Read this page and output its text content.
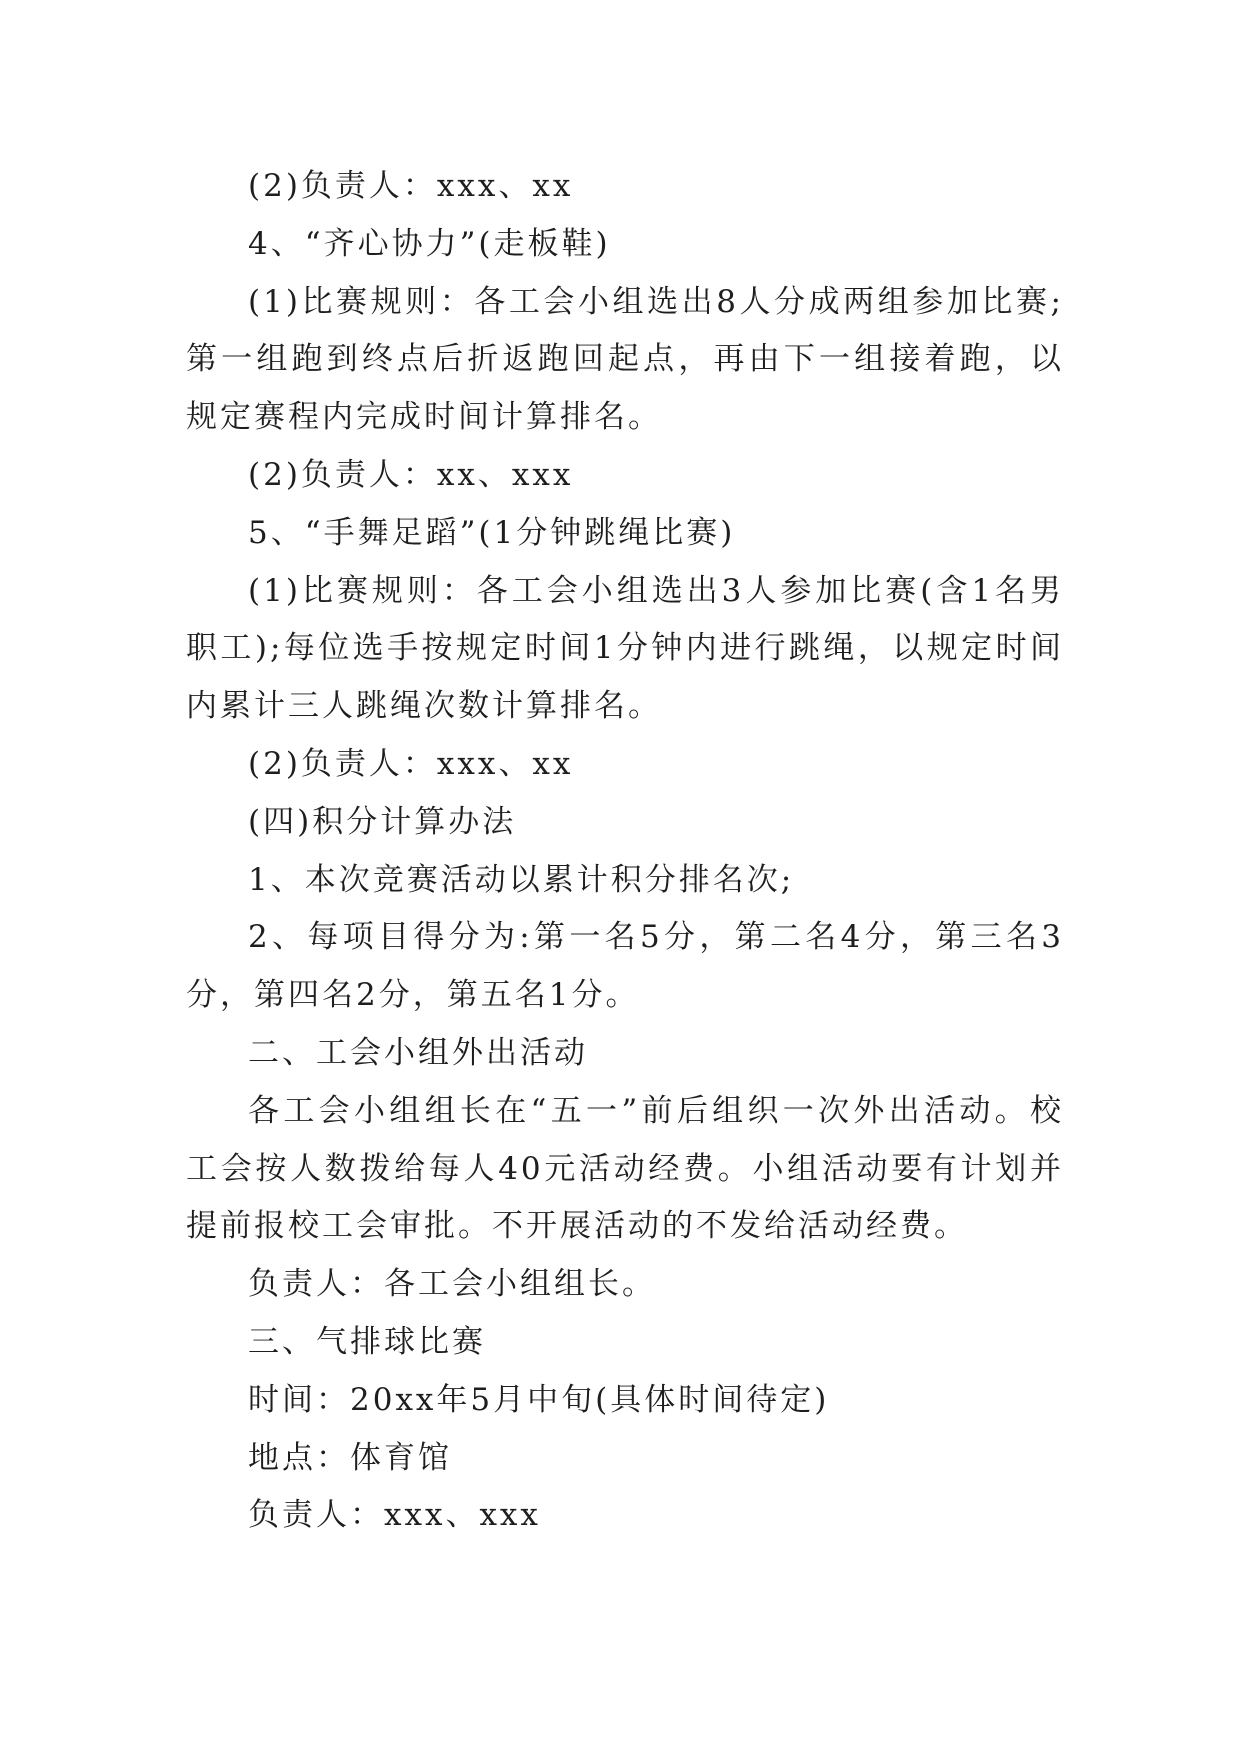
(2)负责人：xxx、xx

4、“齐心协力”(走板鞋)

(1)比赛规则：各工会小组选出8人分成两组参加比赛;第一组跑到终点后折返跑回起点，再由下一组接着跑，以规定赛程内完成时间计算排名。

(2)负责人：xx、xxx

5、“手舞足蹈”(1分钟跳绳比赛)

(1)比赛规则：各工会小组选出3人参加比赛(含1名男职工);每位选手按规定时间1分钟内进行跳绳，以规定时间内累计三人跳绳次数计算排名。

(2)负责人：xxx、xx

(四)积分计算办法

1、本次竞赛活动以累计积分排名次;

2、每项目得分为:第一名5分，第二名4分，第三名3分，第四名2分，第五名1分。

二、工会小组外出活动

各工会小组组长在“五一”前后组织一次外出活动。校工会按人数拨给每人40元活动经费。小组活动要有计划并提前报校工会审批。不开展活动的不发给活动经费。

负责人：各工会小组组长。

三、气排球比赛

时间：20xx年5月中旬(具体时间待定)

地点：体育馆

负责人：xxx、xxx
